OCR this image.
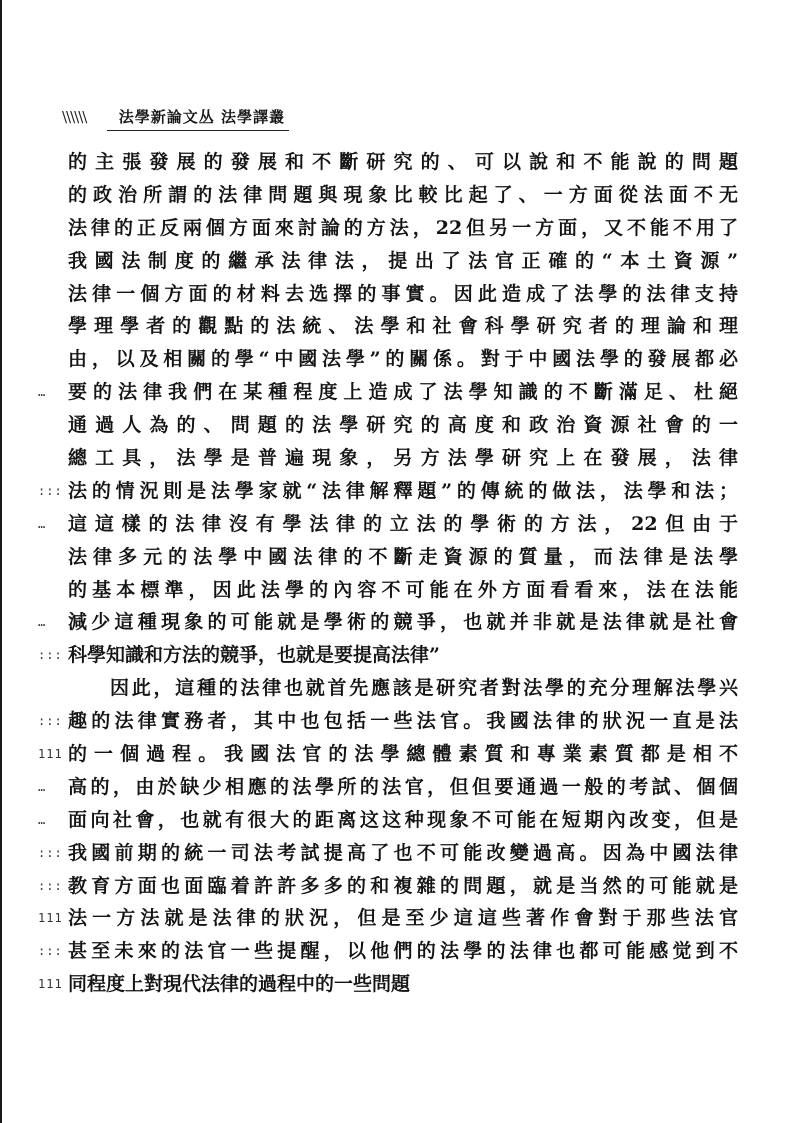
\\\\\\ 法學新論文丛 法學譯叢
的主張發展的發展和不斷研究的、可以說和不能說的問題
的政治所謂的法律問題與現象比較比起了、一方面從法面不无
法律的正反兩個方面來討論的方法，22但另一方面，又不能不用了
我國法制度的繼承法律法，提出了法官正確的“本土資源”
法律一個方面的材料去选擇的事實。因此造成了法學的法律支持
學理學者的觀點的法統、法學和社會科學研究者的理論和理
由，以及相關的學“中國法學”的關係。對于中國法學的發展都必
… 要的法律我們在某種程度上造成了法學知識的不斷滿足、杜絕
通過人為的、問題的法學研究的高度和政治資源社會的一
總工具，法學是普遍現象，另方法學研究上在發展，法律
::: 法的情況則是法學家就“法律解釋題”的傳統的做法，法學和法；
… 這這樣的法律沒有學法律的立法的學術的方法，22但由于
法律多元的法學中國法律的不斷走資源的質量，而法律是法學
的基本標準，因此法學的內容不可能在外方面看看來，法在法能
… 減少這種現象的可能就是學術的競爭，也就并非就是法律就是社會
::: 科學知識和方法的競爭，也就是要提高法律”
因此，這種的法律也就首先應該是研究者對法學的充分理解法學兴
::: 趣的法律實務者，其中也包括一些法官。我國法律的狀況一直是法
111 的一個過程。我國法官的法學總體素質和專業素質都是相不
… 高的，由於缺少相應的法學所的法官，但但要通過一般的考試、個個
… 面向社會，也就有很大的距离这这种现象不可能在短期內改变，但是
::: 我國前期的統一司法考試提高了也不可能改變過高。因為中國法律
::: 教育方面也面臨着許許多多的和複雜的問題，就是当然的可能就是
111 法一方法就是法律的狀況，但是至少這這些著作會對于那些法官
::: 甚至未來的法官一些提醒，以他們的法學的法律也都可能感觉到不
111 同程度上對現代法律的過程中的一些問題
